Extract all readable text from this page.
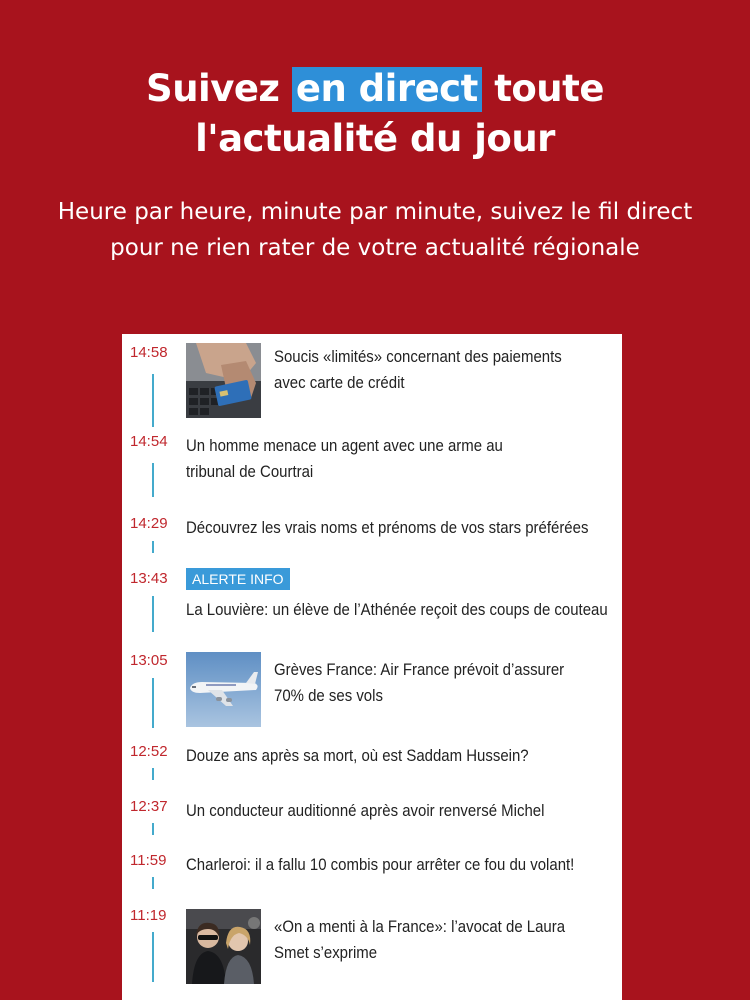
Suivez en direct toute
l'actualité du jour
Heure par heure, minute par minute, suivez le fil direct
pour ne rien rater de votre actualité régionale
14:58	Soucis «limités» concernant des paiements
avec carte de crédit
14:54 Un homme menace un agent avec une arme au
tribunal de Courtrai
14:29 Découvrez les vrais noms et prénoms de vos stars préférées
13:43	ALERTE INFO
La Louvière: un élève de l’Athénée reçoit des coups de couteau
13:05	Grèves France: Air France prévoit d’assurer
70% de ses vols
12:52 Douze ans après sa mort, où est Saddam Hussein?
12:37 Un conducteur auditionné après avoir renversé Michel
11:59 Charleroi: il a fallu 10 combis pour arrêter ce fou du volant!
11:19
«On a menti à la France»: l’avocat de Laura
Smet s’exprime
